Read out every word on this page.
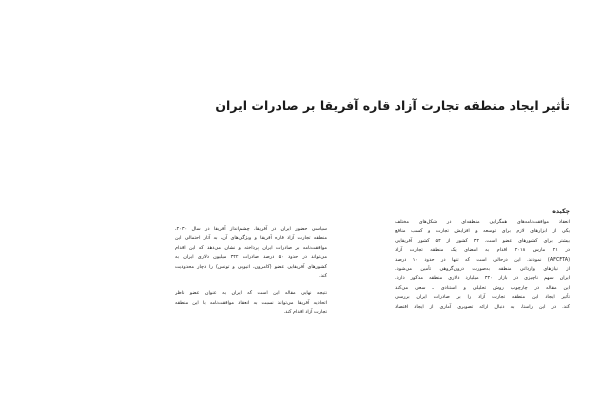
تأثیر ایجاد منطقه تجارت آزاد قاره آفریقا بر صادرات ایران
چکیده

انعقاد موافقت‌نامه‌های همگرایی منطقه‌ای در شکل‌های مختلف
یکی از ابزارهای لازم برای توسعه و افزایش تجارت و کسب منافع
بیشتر برای کشورهای عضو است. ۴۴ کشور از ۵۴ کشور آفریقایی
در ۲۱ مارس ۲۰۱۸ اقدام به امضای یک منطقه تجارت آزاد
(AFCFTA) نمودند. این درحالی است که تنها در حدود ۱۰ درصد
از نیازهای وارداتی منطقه به‌صورت درون‌گروهی تأمین می‌شود.
ایران سهم ناچیزی در بازار ۴۳۰ میلیارد دلاری منطقه مذکور دارد.
این مقاله در چارچوب روش تحلیلی و استنادی ـ سعی می‌کند
تأثیر ایجاد این منطقه تجارت آزاد را بر صادرات ایران بررسی
کند. در این راستا، به دنبال ارائه تصویری آماری از ایجاد اقتصاد

سیاسی حضور ایران در آفریقا، چشم‌انداز آفریقا در سال ۲۰۳۰،
منطقه تجارت آزاد قاره آفریقا و ویژگی‌های آن، به آثار احتمالی این
موافقت‌نامه بر صادرات ایران پرداخته و نشان می‌دهد که این اقدام
می‌تواند در حدود ۵۰ درصد صادرات ۳۴۲ میلیون دلاری ایران به
کشورهای آفریقایی عضو (کامرون، اتیوپی و تونس) را دچار محدودیت
کند.

نتیجه نهایی مقاله این است که ایران به عنوان عضو ناظر
اتحادیه آفریقا می‌تواند نسبت به انعقاد موافقت‌نامه با این منطقه
تجارت آزاد اقدام کند.
